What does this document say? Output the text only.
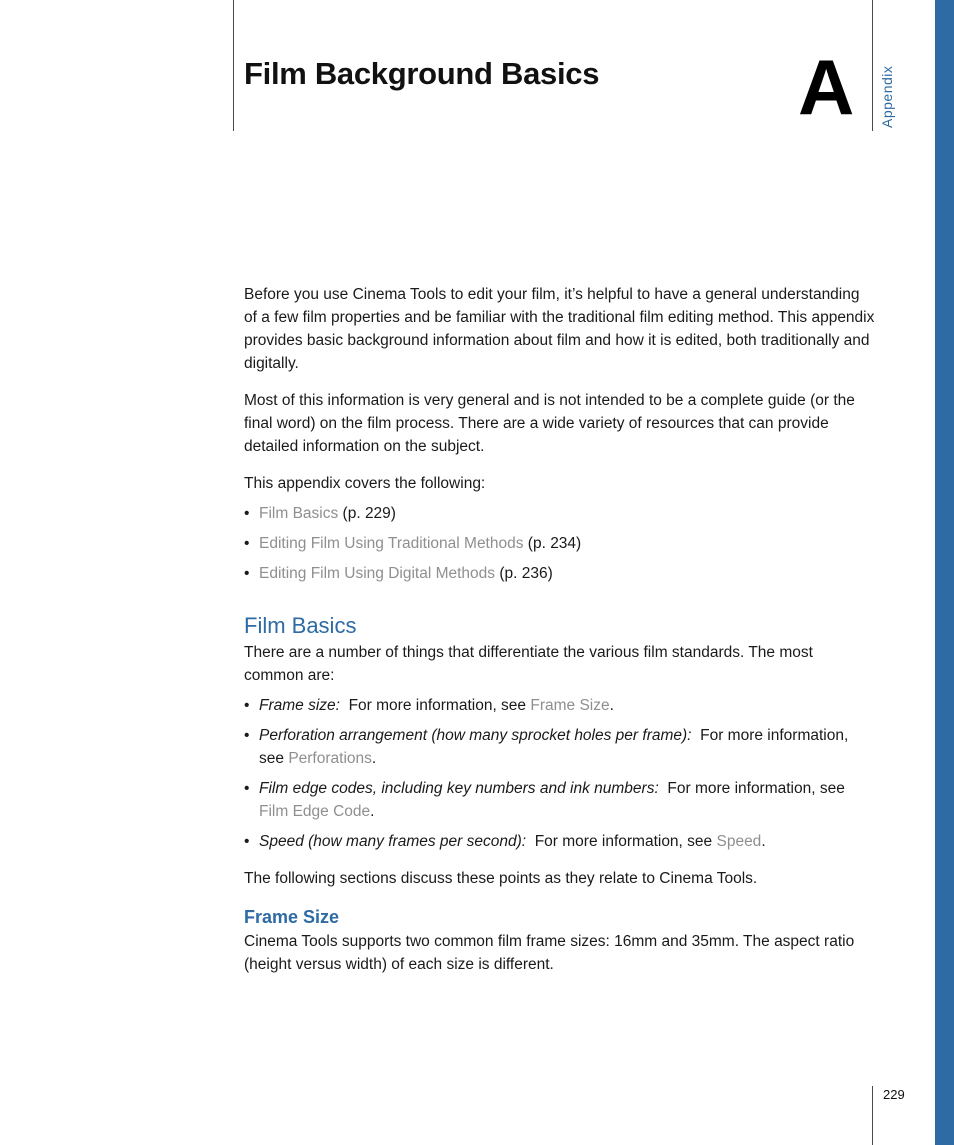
Film Background Basics	A Appendix

Before you use Cinema Tools to edit your film, it’s helpful to have a general understanding of a few film properties and be familiar with the traditional film editing method. This appendix provides basic background information about film and how it is edited, both traditionally and digitally.

Most of this information is very general and is not intended to be a complete guide (or the final word) on the film process. There are a wide variety of resources that can provide detailed information on the subject.

This appendix covers the following:

• Film Basics (p. 229)
• Editing Film Using Traditional Methods (p. 234)
• Editing Film Using Digital Methods (p. 236)
Film Basics

There are a number of things that differentiate the various film standards. The most common are:

• Frame size: For more information, see Frame Size.
• Perforation arrangement (how many sprocket holes per frame): For more information, see Perforations.
• Film edge codes, including key numbers and ink numbers: For more information, see Film Edge Code.
• Speed (how many frames per second): For more information, see Speed.

The following sections discuss these points as they relate to Cinema Tools.

Frame Size

Cinema Tools supports two common film frame sizes: 16mm and 35mm. The aspect ratio (height versus width) of each size is different.

229
